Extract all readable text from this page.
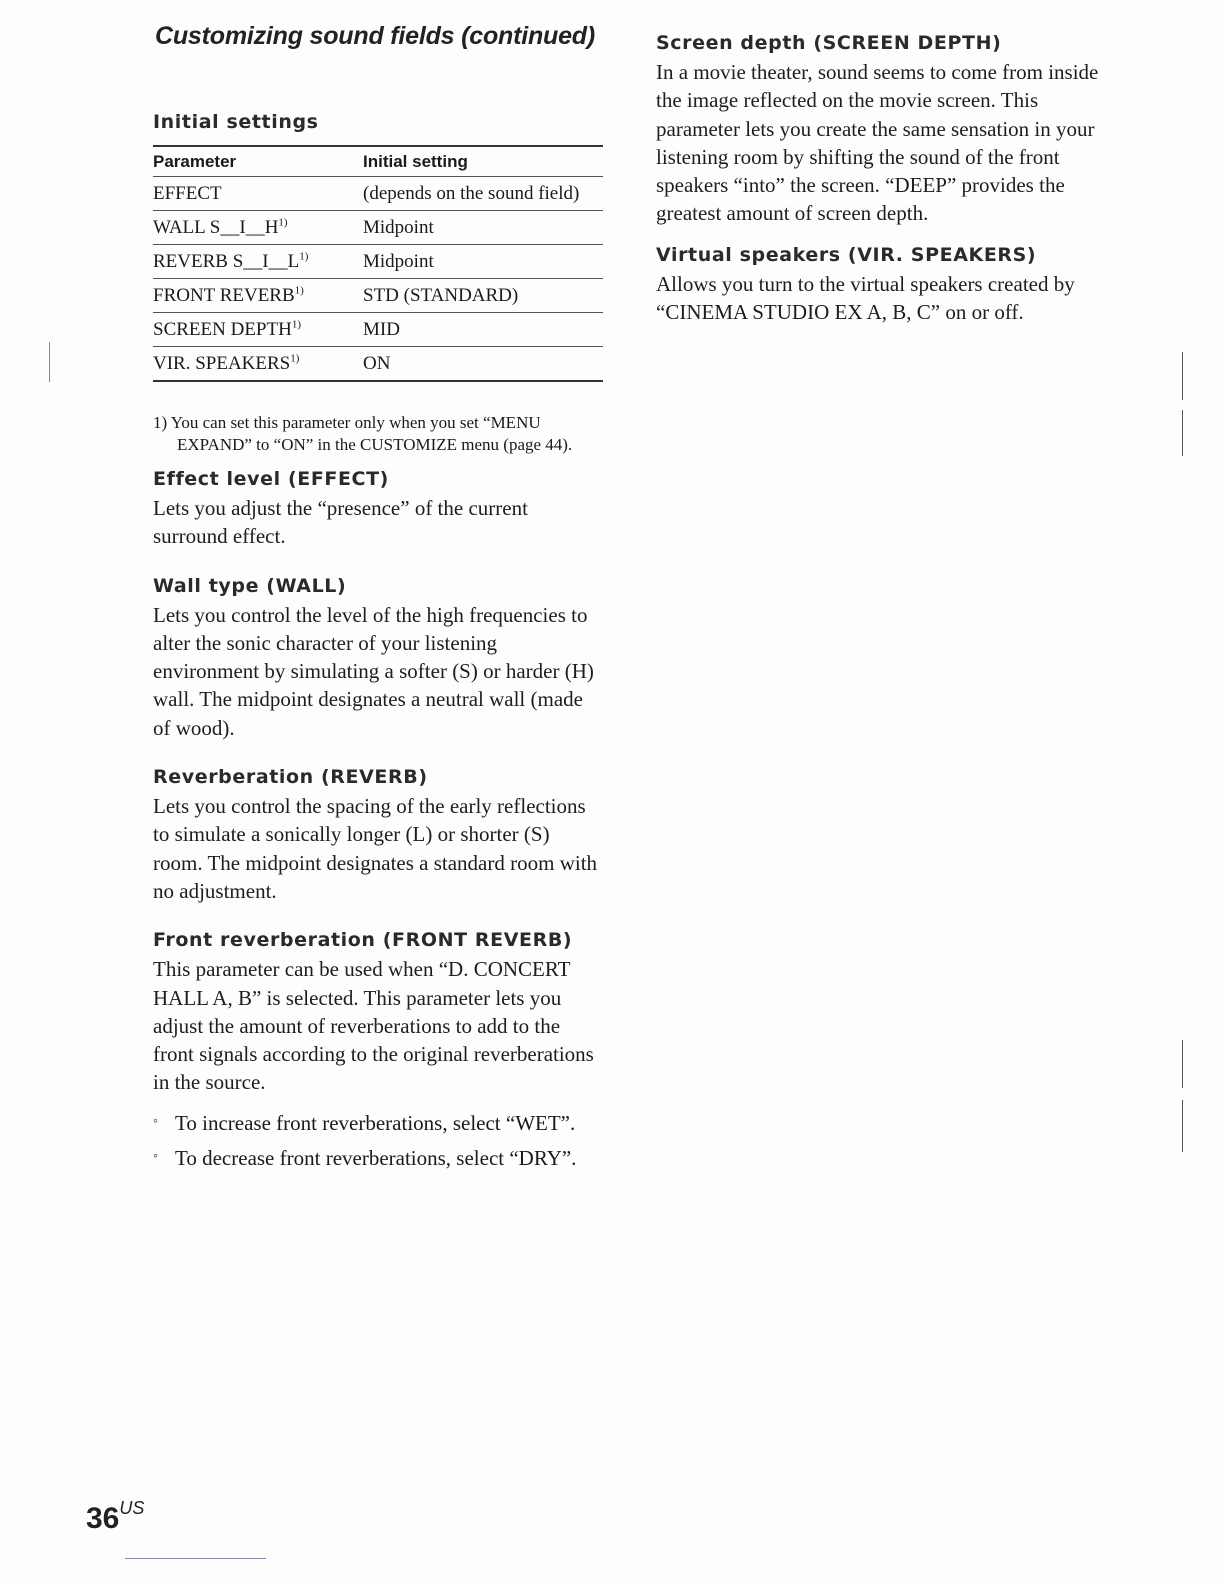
Customizing sound fields (continued)
Initial settings
Parameter	Initial setting
EFFECT	(depends on the sound field)
WALL $S\_\_I\_\_H^{1)}$	Midpoint
REVERB $S\_\_I\_\_L^{1)}$	Midpoint
FRONT REVERB$^{1)}$	STD (STANDARD)
SCREEN DEPTH$^{1)}$	MID
VIR. SPEAKERS$^{1)}$	ON

1) You can set this parameter only when you set “MENU EXPAND” to “ON” in the CUSTOMIZE menu (page 44).

Effect level (EFFECT)

Lets you adjust the “presence” of the current surround effect.

Wall type (WALL)

Lets you control the level of the high frequencies to alter the sonic character of your listening environment by simulating a softer (S) or harder (H) wall. The midpoint designates a neutral wall (made of wood).

Reverberation (REVERB)

Lets you control the spacing of the early reflections to simulate a sonically longer (L) or shorter (S) room. The midpoint designates a standard room with no adjustment.

Front reverberation (FRONT REVERB)

This parameter can be used when “D. CONCERT HALL A, B” is selected. This parameter lets you adjust the amount of reverberations to add to the front signals according to the original reverberations in the source.

◦ To increase front reverberations, select “WET”.
◦ To decrease front reverberations, select “DRY”.
Screen depth (SCREEN DEPTH)

In a movie theater, sound seems to come from inside the image reflected on the movie screen. This parameter lets you create the same sensation in your listening room by shifting the sound of the front speakers “into” the screen. “DEEP” provides the greatest amount of screen depth.

Virtual speakers (VIR. SPEAKERS)

Allows you turn to the virtual speakers created by “CINEMA STUDIO EX A, B, C” on or off.

$36^{US}$
